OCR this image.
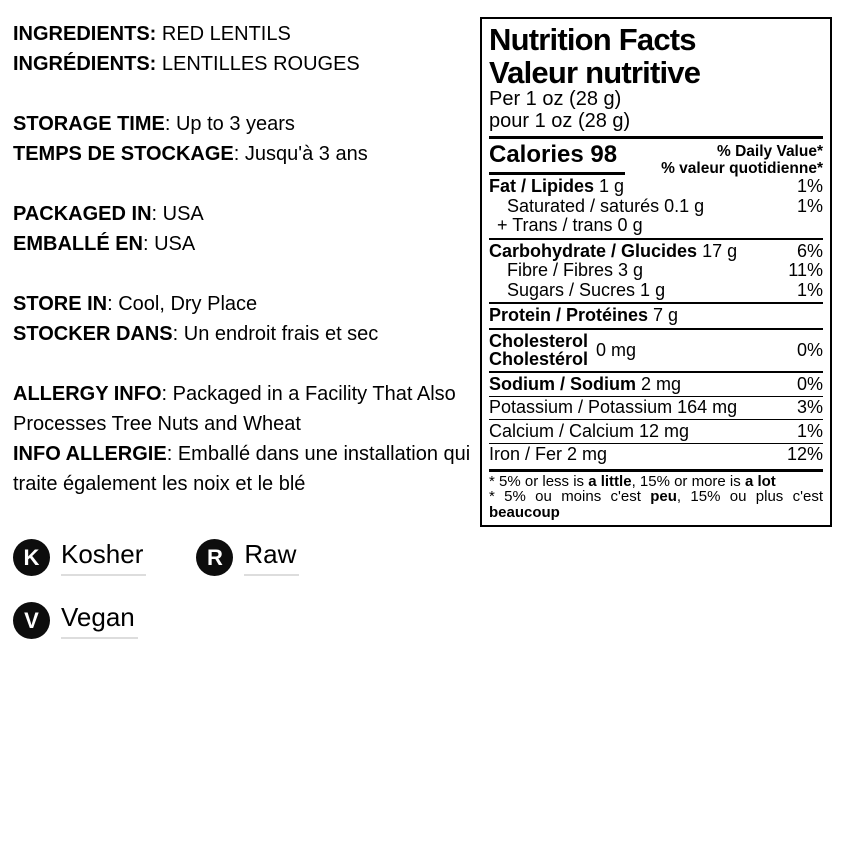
INGREDIENTS: RED LENTILS
INGRÉDIENTS: LENTILLES ROUGES
STORAGE TIME: Up to 3 years
TEMPS DE STOCKAGE: Jusqu'à 3 ans
PACKAGED IN: USA
EMBALLÉ EN: USA
STORE IN: Cool, Dry Place
STOCKER DANS: Un endroit frais et sec
ALLERGY INFO: Packaged in a Facility That Also Processes Tree Nuts and Wheat
INFO ALLERGIE: Emballé dans une installation qui traite également les noix et le blé
K Kosher	R Raw
V Vegan
Nutrition Facts
Valeur nutritive
Per 1 oz (28 g)
pour 1 oz (28 g)
Calories 98	% Daily Value*
% valeur quotidienne*
Fat / Lipides 1 g	1%
Saturated / saturés 0.1 g	1%
+ Trans / trans 0 g
Carbohydrate / Glucides 17 g	6%
Fibre / Fibres 3 g	11%
Sugars / Sucres 1 g	1%
Protein / Protéines 7 g
Cholesterol
Cholestérol 0 mg	0%
Sodium / Sodium 2 mg	0%
Potassium / Potassium 164 mg	3%
Calcium / Calcium 12 mg	1%
Iron / Fer 2 mg	12%
* 5% or less is a little, 15% or more is a lot
* 5% ou moins c'est peu, 15% ou plus c'est
beaucoup
